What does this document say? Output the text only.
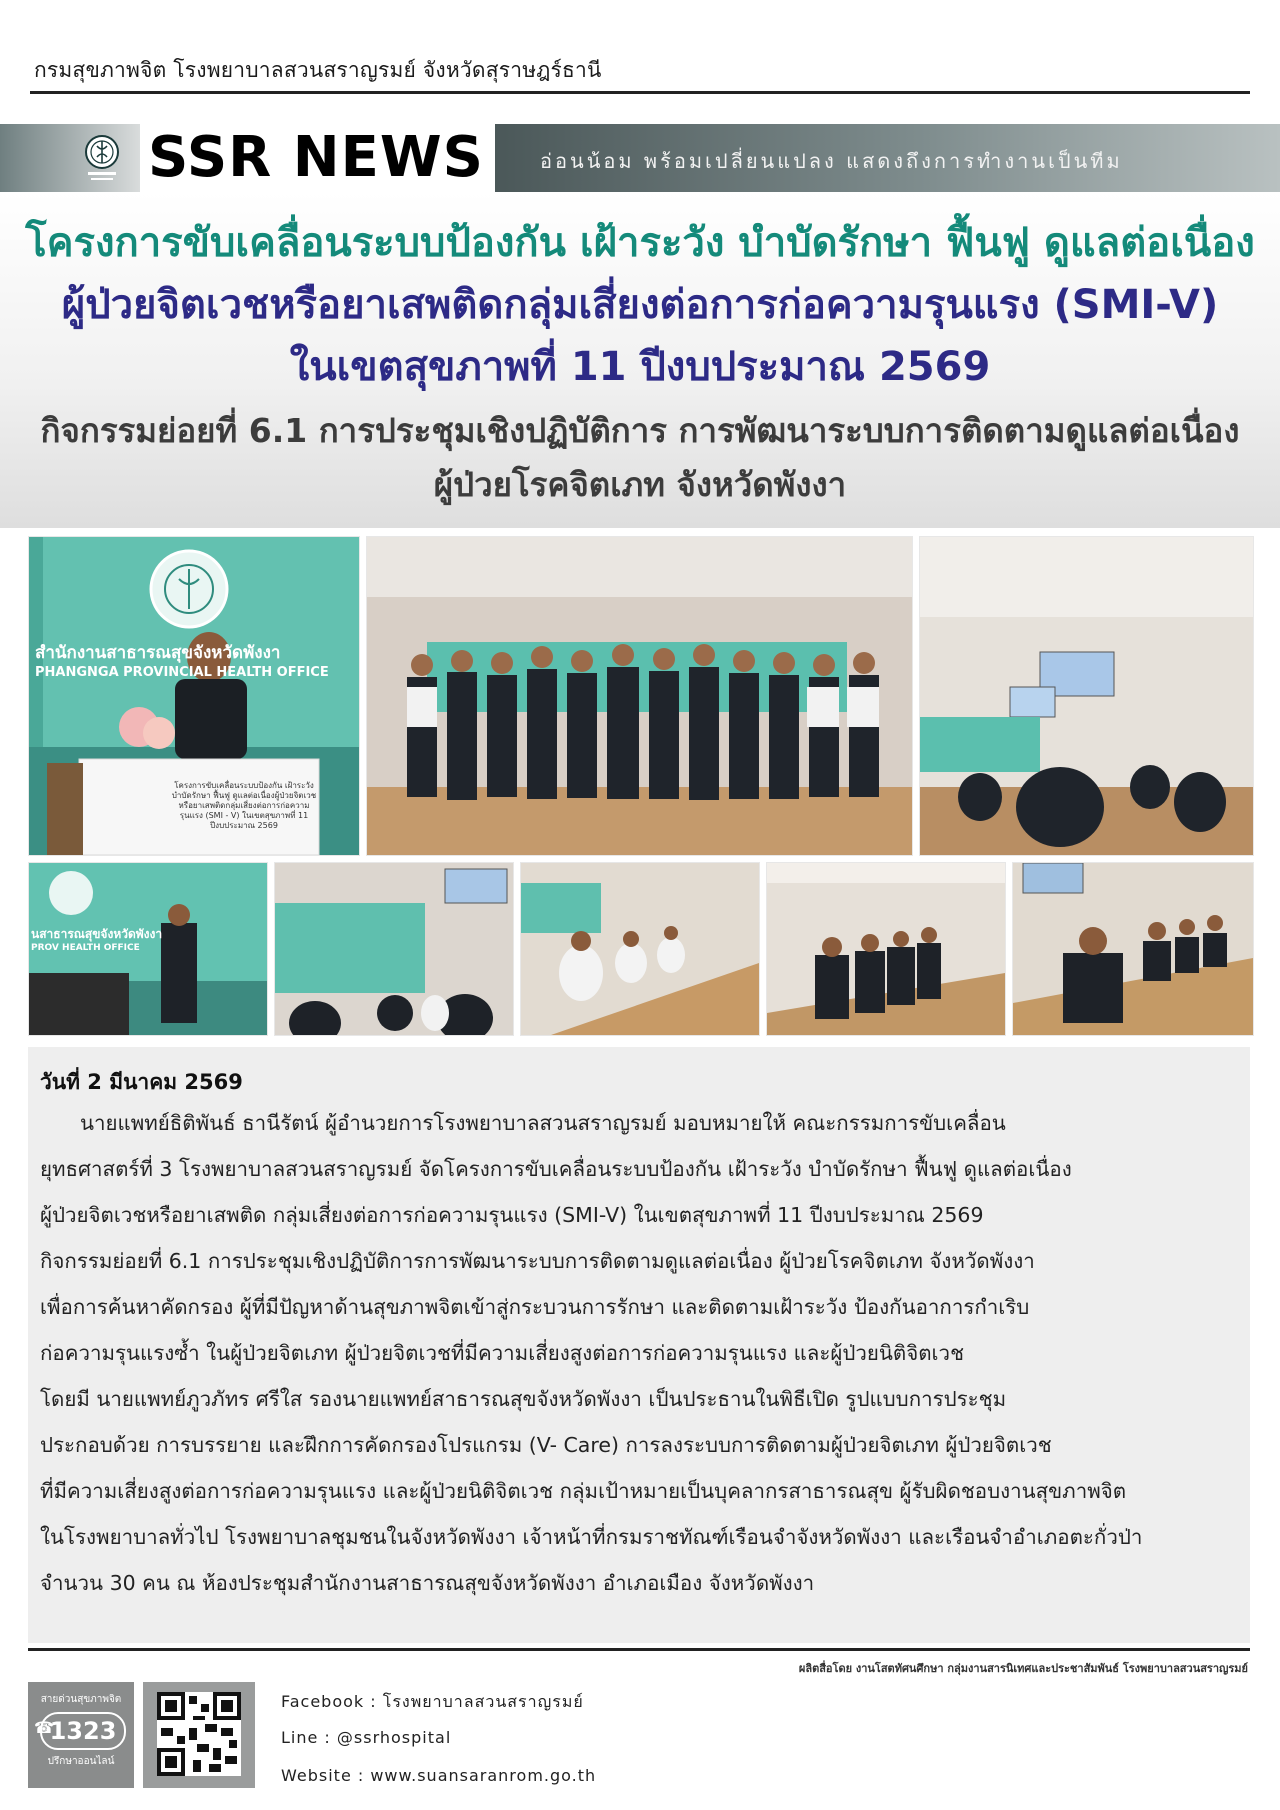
กรมสุขภาพจิต โรงพยาบาลสวนสราญรมย์ จังหวัดสุราษฎร์ธานี
SSR NEWS	อ่อนน้อม พร้อมเปลี่ยนแปลง แสดงถึงการทำงานเป็นทีม
โครงการขับเคลื่อนระบบป้องกัน เฝ้าระวัง บำบัดรักษา ฟื้นฟู ดูแลต่อเนื่อง
ผู้ป่วยจิตเวชหรือยาเสพติดกลุ่มเสี่ยงต่อการก่อความรุนแรง (SMI-V)
ในเขตสุขภาพที่ 11 ปีงบประมาณ 2569
กิจกรรมย่อยที่ 6.1 การประชุมเชิงปฏิบัติการ การพัฒนาระบบการติดตามดูแลต่อเนื่อง
ผู้ป่วยโรคจิตเภท จังหวัดพังงา
สำนักงานสาธารณสุขจังหวัดพังงา
PHANGNGA PROVINCIAL HEALTH OFFICE
โครงการขับเคลื่อนระบบป้องกัน เฝ้าระวัง
บำบัดรักษา ฟื้นฟู ดูแลต่อเนื่องผู้ป่วยจิตเวช
หรือยาเสพติดกลุ่มเสี่ยงต่อการก่อความ
รุนแรง (SMI - V) ในเขตสุขภาพที่ 11
ปีงบประมาณ 2569
นสาธารณสุขจังหวัดพังงา
PROV HEALTH OFFICE
วันที่ 2 มีนาคม 2569
นายแพทย์ธิติพันธ์ ธานีรัตน์ ผู้อำนวยการโรงพยาบาลสวนสราญรมย์ มอบหมายให้ คณะกรรมการขับเคลื่อน
ยุทธศาสตร์ที่ 3 โรงพยาบาลสวนสราญรมย์ จัดโครงการขับเคลื่อนระบบป้องกัน เฝ้าระวัง บำบัดรักษา ฟื้นฟู ดูแลต่อเนื่อง
ผู้ป่วยจิตเวชหรือยาเสพติด กลุ่มเสี่ยงต่อการก่อความรุนแรง (SMI-V) ในเขตสุขภาพที่ 11 ปีงบประมาณ 2569
กิจกรรมย่อยที่ 6.1 การประชุมเชิงปฏิบัติการการพัฒนาระบบการติดตามดูแลต่อเนื่อง ผู้ป่วยโรคจิตเภท จังหวัดพังงา
เพื่อการค้นหาคัดกรอง ผู้ที่มีปัญหาด้านสุขภาพจิตเข้าสู่กระบวนการรักษา และติดตามเฝ้าระวัง ป้องกันอาการกำเริบ
ก่อความรุนแรงซ้ำ ในผู้ป่วยจิตเภท ผู้ป่วยจิตเวชที่มีความเสี่ยงสูงต่อการก่อความรุนแรง และผู้ป่วยนิติจิตเวช
โดยมี นายแพทย์ภูวภัทร ศรีใส รองนายแพทย์สาธารณสุขจังหวัดพังงา เป็นประธานในพิธีเปิด รูปแบบการประชุม
ประกอบด้วย การบรรยาย และฝึกการคัดกรองโปรแกรม (V- Care) การลงระบบการติดตามผู้ป่วยจิตเภท ผู้ป่วยจิตเวช
ที่มีความเสี่ยงสูงต่อการก่อความรุนแรง และผู้ป่วยนิติจิตเวช กลุ่มเป้าหมายเป็นบุคลากรสาธารณสุข ผู้รับผิดชอบงานสุขภาพจิต
ในโรงพยาบาลทั่วไป โรงพยาบาลชุมชนในจังหวัดพังงา เจ้าหน้าที่กรมราชทัณฑ์เรือนจำจังหวัดพังงา และเรือนจำอำเภอตะกั่วป่า
จำนวน 30 คน ณ ห้องประชุมสำนักงานสาธารณสุขจังหวัดพังงา อำเภอเมือง จังหวัดพังงา
ผลิตสื่อโดย งานโสตทัศนศึกษา กลุ่มงานสารนิเทศและประชาสัมพันธ์ โรงพยาบาลสวนสราญรมย์
สายด่วนสุขภาพจิต
1323
ปรึกษาออนไลน์
☎
Facebook : โรงพยาบาลสวนสราญรมย์
Line : @ssrhospital
Website : www.suansaranrom.go.th
